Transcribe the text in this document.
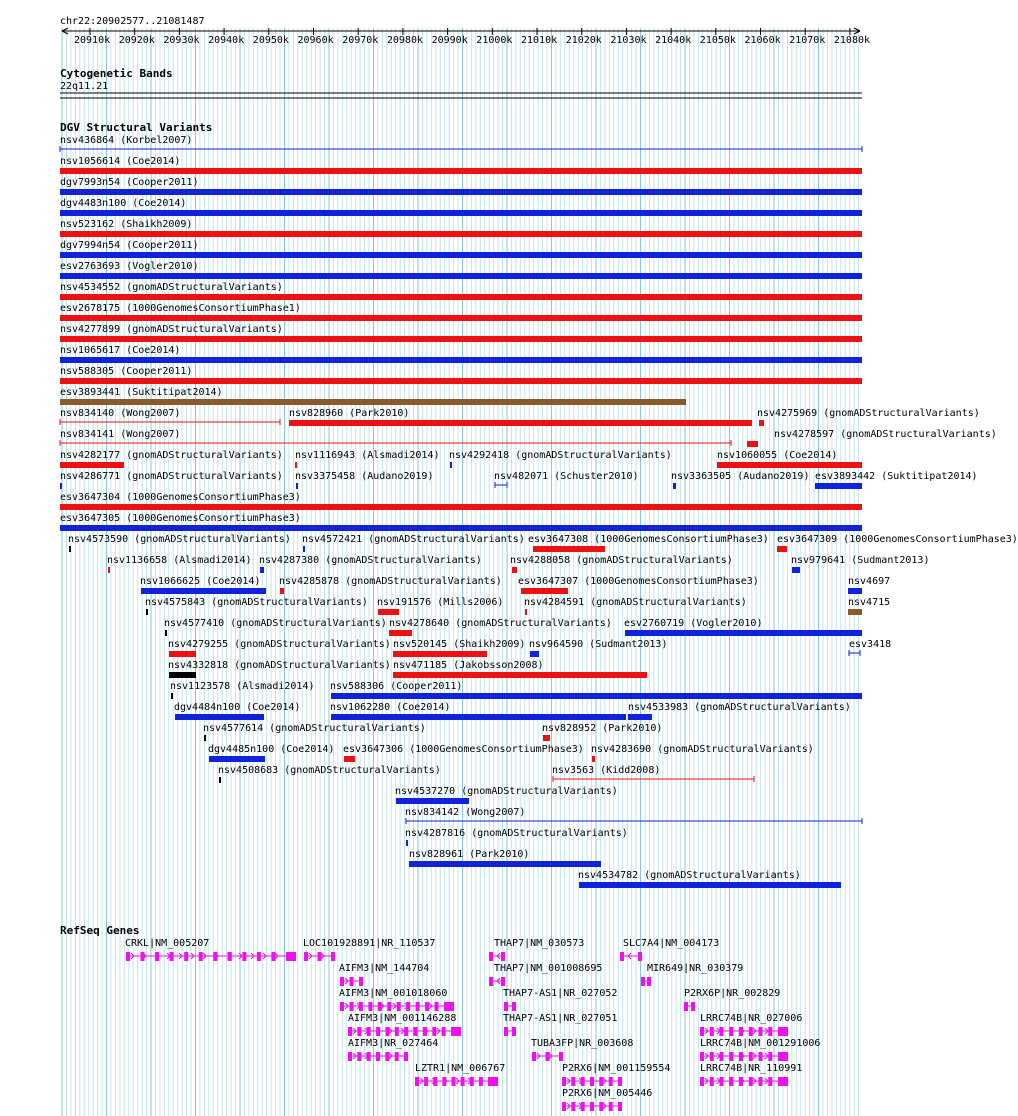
chr22:20902577..21081487
20910k 20920k 20930k 20940k 20950k 20960k 20970k 20980k 20990k 21000k 21010k 21020k 21030k 21040k 21050k 21060k 21070k 21080k
Cytogenetic Bands
22q11.21
DGV Structural Variants
nsv436864 (Korbel2007)
nsv1056614 (Coe2014)
dgv7993n54 (Cooper2011)
dgv4483n100 (Coe2014)
nsv523162 (Shaikh2009)
dgv7994n54 (Cooper2011)
esv2763693 (Vogler2010)
nsv4534552 (gnomADStructuralVariants)
esv2678175 (1000GenomesConsortiumPhase1)
nsv4277899 (gnomADStructuralVariants)
nsv1065617 (Coe2014)
nsv588305 (Cooper2011)
esv3893441 (Suktitipat2014)
nsv834140 (Wong2007)	nsv828960 (Park2010)	nsv4275969 (gnomADStructuralVariants)
nsv834141 (Wong2007)	nsv4278597 (gnomADStructuralVariants)
nsv4282177 (gnomADStructuralVariants) nsv1116943 (Alsmadi2014) nsv4292418 (gnomADStructuralVariants)	nsv1060055 (Coe2014)
nsv4286771 (gnomADStructuralVariants) nsv3375458 (Audano2019)	nsv482071 (Schuster2010)	nsv3363505 (Audano2019) esv3893442 (Suktitipat2014)
esv3647304 (1000GenomesConsortiumPhase3)
esv3647305 (1000GenomesConsortiumPhase3)
nsv4573590 (gnomADStructuralVariants) nsv4572421 (gnomADStructuralVariants) esv3647308 (1000GenomesConsortiumPhase3) esv3647309 (1000GenomesConsortiumPhase3)
nsv1136658 (Alsmadi2014) nsv4287380 (gnomADStructuralVariants)	nsv4288058 (gnomADStructuralVariants)	nsv979641 (Sudmant2013)
nsv1066625 (Coe2014) nsv4285878 (gnomADStructuralVariants) esv3647307 (1000GenomesConsortiumPhase3)	nsv4697
nsv4575843 (gnomADStructuralVariants) nsv191576 (Mills2006) nsv4284591 (gnomADStructuralVariants)	nsv4715
nsv4577410 (gnomADStructuralVariants) nsv4278640 (gnomADStructuralVariants) esv2760719 (Vogler2010)
nsv4279255 (gnomADStructuralVariants) nsv520145 (Shaikh2009) nsv964590 (Sudmant2013)	esv3418
nsv4332818 (gnomADStructuralVariants) nsv471185 (Jakobsson2008)
nsv1123578 (Alsmadi2014) nsv588306 (Cooper2011)
dgv4484n100 (Coe2014)	nsv1062280 (Coe2014)	nsv4533983 (gnomADStructuralVariants)
nsv4577614 (gnomADStructuralVariants)	nsv828952 (Park2010)
dgv4485n100 (Coe2014) esv3647306 (1000GenomesConsortiumPhase3) nsv4283690 (gnomADStructuralVariants)
nsv4508683 (gnomADStructuralVariants)	nsv3563 (Kidd2008)
nsv4537270 (gnomADStructuralVariants)
nsv834142 (Wong2007)
nsv4287816 (gnomADStructuralVariants)
nsv828961 (Park2010)
nsv4534782 (gnomADStructuralVariants)
RefSeq Genes
CRKL|NM_005207	LOC101928891|NR_110537	THAP7|NM_030573	SLC7A4|NM_004173
AIFM3|NM_144704	THAP7|NM_001008695	MIR649|NR_030379
AIFM3|NM_001018060	THAP7-AS1|NR_027052	P2RX6P|NR_002829
AIFM3|NM_001146288	THAP7-AS1|NR_027051	LRRC74B|NR_027006
AIFM3|NR_027464	TUBA3FP|NR_003608	LRRC74B|NM_001291006
LZTR1|NM_006767	P2RX6|NM_001159554	LRRC74B|NR_110991
P2RX6|NM_005446
